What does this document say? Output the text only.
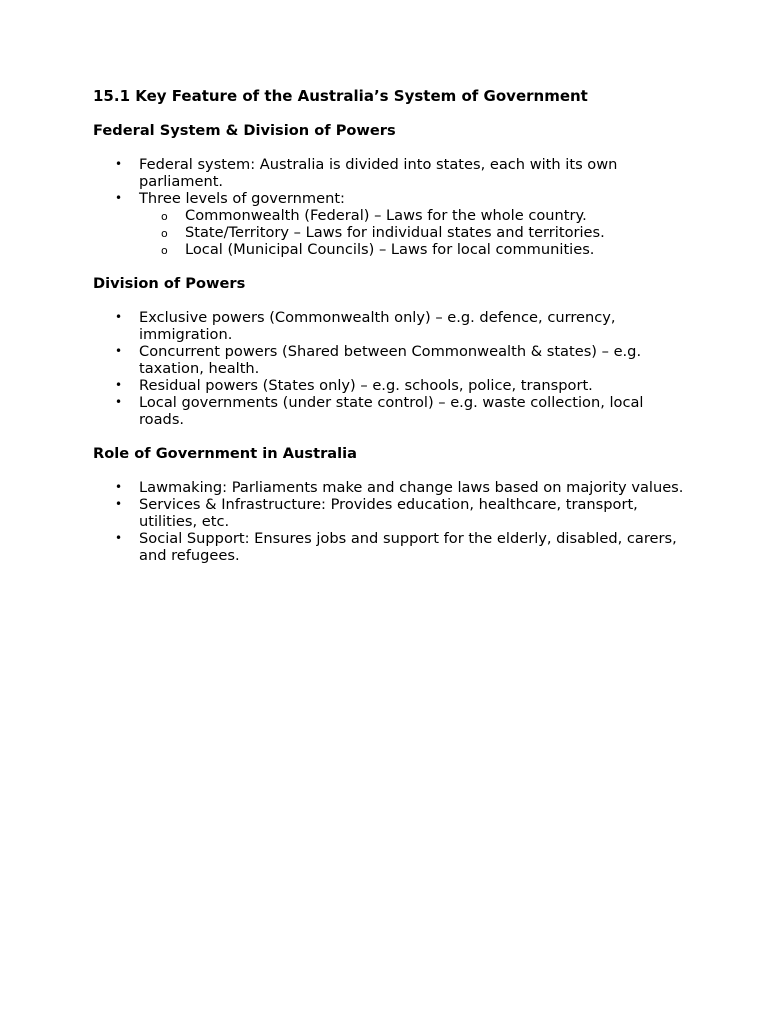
15.1 Key Feature of the Australia’s System of Government
Federal System & Division of Powers
• Federal system: Australia is divided into states, each with its own parliament.
• Three levels of government:
o Commonwealth (Federal) – Laws for the whole country.
o State/Territory – Laws for individual states and territories.
o Local (Municipal Councils) – Laws for local communities.
Division of Powers
• Exclusive powers (Commonwealth only) – e.g. defence, currency, immigration.
• Concurrent powers (Shared between Commonwealth & states) – e.g. taxation, health.
• Residual powers (States only) – e.g. schools, police, transport.
• Local governments (under state control) – e.g. waste collection, local roads.
Role of Government in Australia
• Lawmaking: Parliaments make and change laws based on majority values.
• Services & Infrastructure: Provides education, healthcare, transport, utilities, etc.
• Social Support: Ensures jobs and support for the elderly, disabled, carers, and refugees.
